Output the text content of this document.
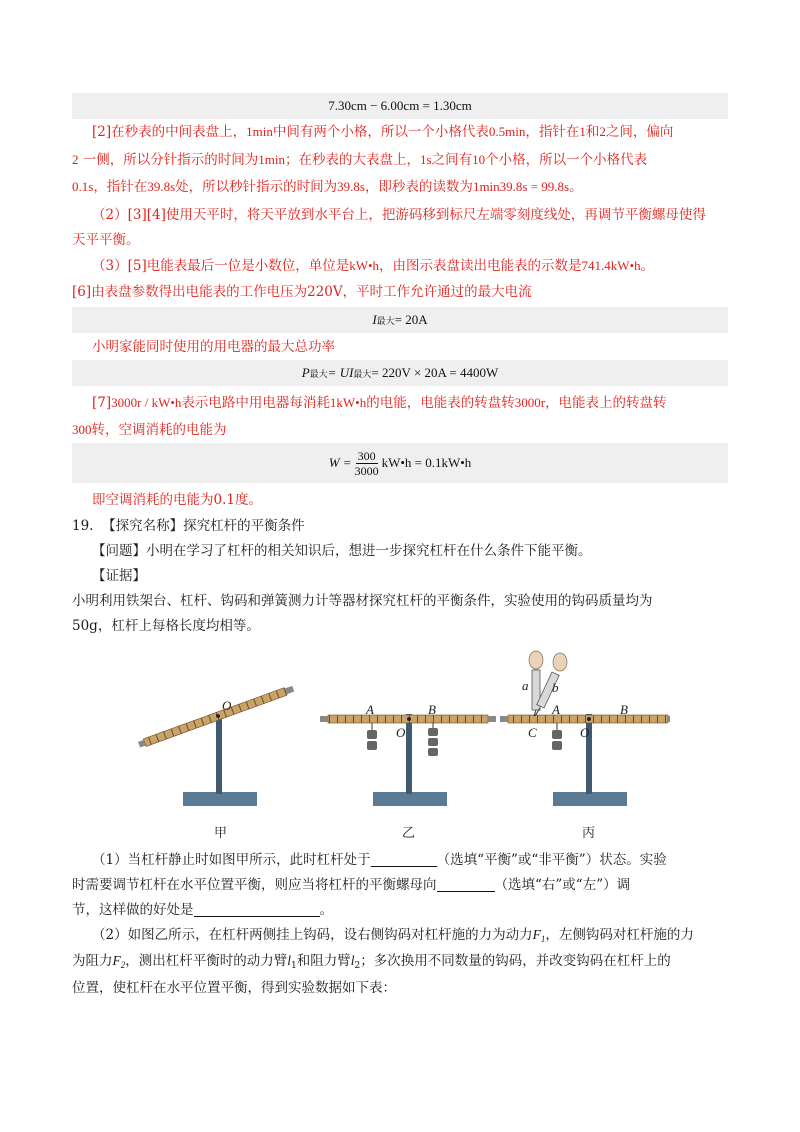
7.30cm − 6.00cm = 1.30cm
[2]在秒表的中间表盘上，1min中间有两个小格，所以一个小格代表0.5min，指针在1和2之间，偏向
2 一侧，所以分针指示的时间为1min；在秒表的大表盘上，1s之间有10个小格，所以一个小格代表
0.1s，指针在39.8s处，所以秒针指示的时间为39.8s，即秒表的读数为1min39.8s = 99.8s。
（2）[3][4]使用天平时，将天平放到水平台上，把游码移到标尺左端零刻度线处，再调节平衡螺母使得
天平平衡。
（3）[5]电能表最后一位是小数位，单位是kW•h，由图示表盘读出电能表的示数是741.4kW•h。
[6]由表盘参数得出电能表的工作电压为220V，平时工作允许通过的最大电流
I 最大 = 20A
小明家能同时使用的用电器的最大总功率
P 最大 = UI 最大 = 220V × 20A = 4400W
[7]3000r / kW•h表示电路中用电器每消耗1kW•h的电能，电能表的转盘转3000r，电能表上的转盘转
300转，空调消耗的电能为
$W = \frac{300}{3000}$ kW•h = 0.1kW•h
即空调消耗的电能为0.1度。
19. 【探究名称】探究杠杆的平衡条件
【问题】小明在学习了杠杆的相关知识后，想进一步探究杠杆在什么条件下能平衡。
【证据】
小明利用铁架台、杠杆、钩码和弹簧测力计等器材探究杠杆的平衡条件，实验使用的钩码质量均为
50g，杠杆上每格长度均相等。
O	A	B
O
a b
A	B
C	O
甲	乙	丙
（1）当杠杆静止时如图甲所示，此时杠杆处于	（选填“平衡”或“非平衡”）状态。实验
时需要调节杠杆在水平位置平衡，则应当将杠杆的平衡螺母向	（选填“右”或“左”）调
节，这样做的好处是	。
（2）如图乙所示，在杠杆两侧挂上钩码，设右侧钩码对杠杆施的力为动力$F_1$，左侧钩码对杠杆施的力
为阻力$F_2$，测出杠杆平衡时的动力臂$l_1$和阻力臂$l_2$；多次换用不同数量的钩码，并改变钩码在杠杆上的
位置，使杠杆在水平位置平衡，得到实验数据如下表：
